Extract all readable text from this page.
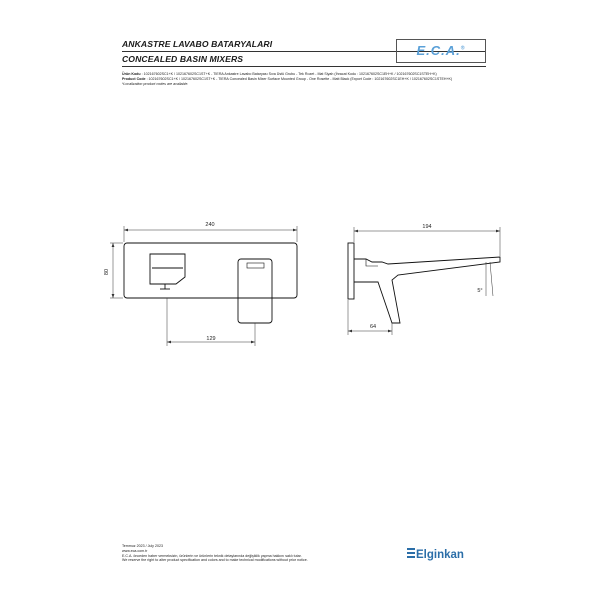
ANKASTRE LAVABO BATARYALARI
CONCEALED BASIN MIXERS
E.C.A.®
Ürün Kodu : 102167602SC1+K / 102167602SC1ST+K - TIERA Ankastre Lavabo Bataryası Sıva Üstü Grubu - Tek Rozet - Mat Siyah (İhracat Kodu : 102167602SC1EH+K / 102167602SC1STEH+K)
Product Code : 102167602SC1+K / 102167602SC1ST+K - TIERA Concealed Basin Mixer Surface Mounted Group - One Rosette - Matt Black (Export Code : 102167602SC1EH+K / 102167602SC1STEH+K)
*Localization product codes are available.
240
80
129
194
64
5°
Temmuz 2023 / July 2023
www.eca.com.tr
E.C.A. önceden haber vermeksizin, ürünlerin ve ürünlerin teknik detaylarında değişiklik yapma hakkını saklı tutar.
We reserve the right to alter product specification and colors and to make technical modifications without prior notice.	Elginkan
